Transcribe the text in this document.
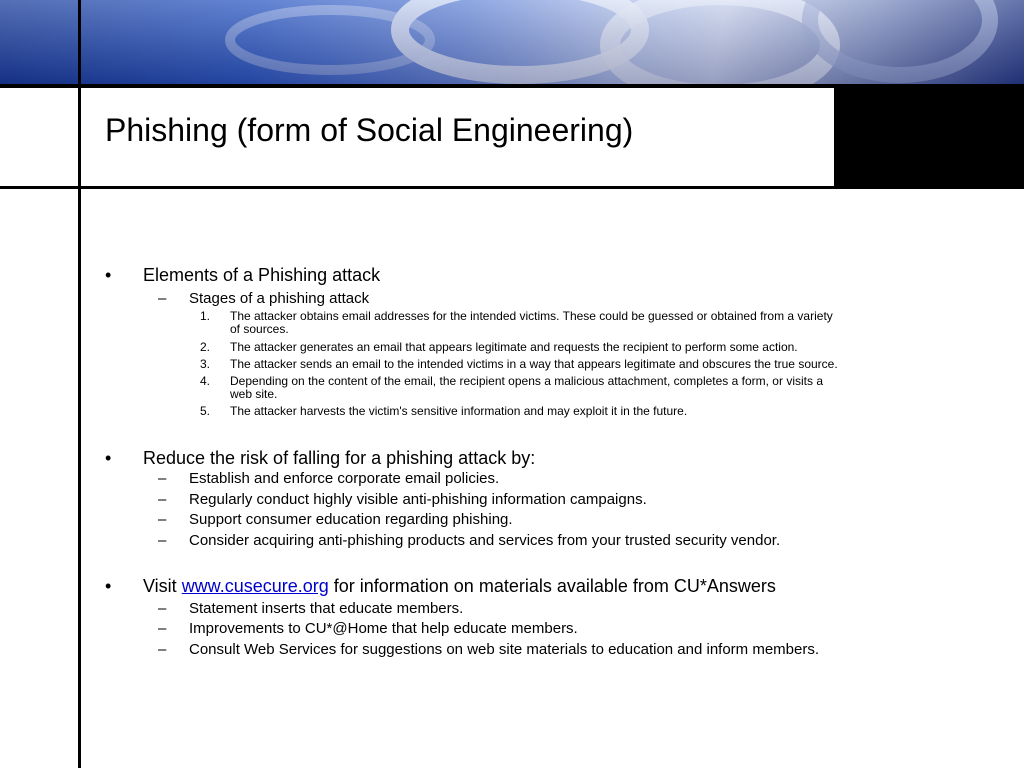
Phishing (form of Social Engineering)
• Elements of a Phishing attack
– Stages of a phishing attack
1. The attacker obtains email addresses for the intended victims. These could be guessed or obtained from a variety
of sources.
2. The attacker generates an email that appears legitimate and requests the recipient to perform some action.
3. The attacker sends an email to the intended victims in a way that appears legitimate and obscures the true source.
4. Depending on the content of the email, the recipient opens a malicious attachment, completes a form, or visits a
web site.
5. The attacker harvests the victim's sensitive information and may exploit it in the future.
• Reduce the risk of falling for a phishing attack by:
– Establish and enforce corporate email policies.
– Regularly conduct highly visible anti-phishing information campaigns.
– Support consumer education regarding phishing.
– Consider acquiring anti-phishing products and services from your trusted security vendor.
• Visit www.cusecure.org for information on materials available from CU*Answers
– Statement inserts that educate members.
– Improvements to CU*@Home that help educate members.
– Consult Web Services for suggestions on web site materials to education and inform members.
